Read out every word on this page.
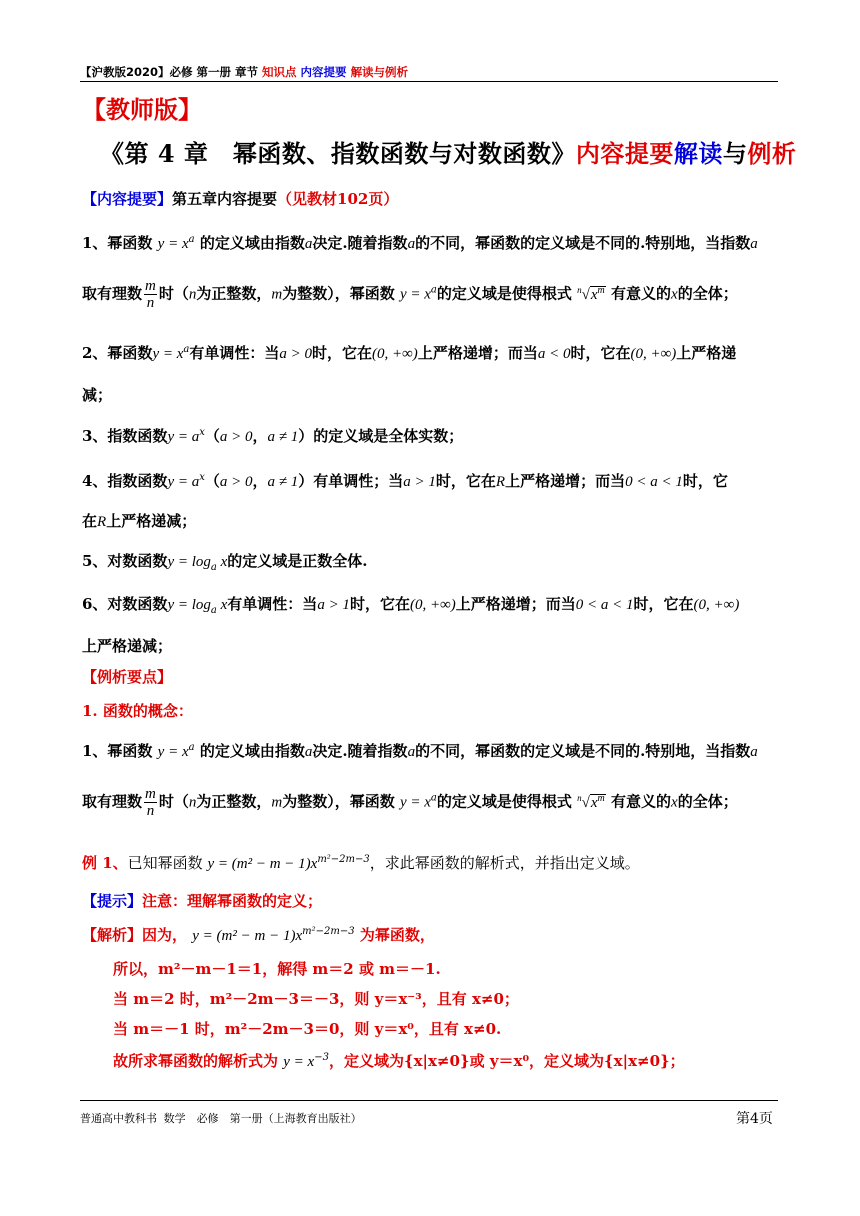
【沪教版2020】必修 第一册 章节 知识点 内容提要 解读与例析
【教师版】
《第 4 章　幂函数、指数函数与对数函数》内容提要解读与例析
【内容提要】第五章内容提要（见教材102页）
1、幂函数 $y = x^a$ 的定义域由指数a决定.随着指数a的不同，幂函数的定义域是不同的.特别地，当指数a
取有理数 $\frac{m}{n}$ 时（n为正整数，m为整数），幂函数 $y = x^a$的定义域是使得根式 $^n√x^m$ 有意义的x的全体；
2、幂函数$y = x^a$有单调性：当a > 0时，它在(0, +∞)上严格递增；而当a < 0时，它在(0, +∞)上严格递
减；
3、指数函数$y = a^x(a > 0$，a ≠ 1）的定义域是全体实数；
4、指数函数$y = a^x(a > 0$，a ≠ 1）有单调性；当a > 1时，它在R上严格递增；而当0 < a < 1时，它
在R上严格递减；
5、对数函数$y = \log_a x$的定义域是正数全体.
6、对数函数$y = \log_a x$有单调性：当a > 1时，它在(0, +∞)上严格递增；而当0 < a < 1时，它在(0, +∞)
上严格递减；
【例析要点】
1. 函数的概念：
1、幂函数 $y = x^a$ 的定义域由指数a决定.随着指数a的不同，幂函数的定义域是不同的.特别地，当指数a
取有理数 $\frac{m}{n}$ 时（n为正整数，m为整数），幂函数 $y = x^a$的定义域是使得根式 $^n√x^m$ 有意义的x的全体；
例 1、已知幂函数 $y = (m^2 - m - 1)x^{m^2-2m-3}$，求此幂函数的解析式，并指出定义域。
【提示】注意：理解幂函数的定义；
【解析】因为， $y = (m^2 - m - 1)x^{m^2-2m-3}$ 为幂函数，
所以，m²－m－1＝1，解得 m＝2 或 m＝－1.
当 m＝2 时，m²－2m－3＝－3，则 y＝x⁻³，且有 x≠0；
当 m＝－1 时，m²－2m－3＝0，则 y＝x⁰，且有 x≠0.
故所求幂函数的解析式为 $y = x^{-3}$，定义域为{x|x≠0}或 y＝x⁰，定义域为{x|x≠0}；
普通高中教科书 数学　必修　第一册（上海教育出版社）	第4页
